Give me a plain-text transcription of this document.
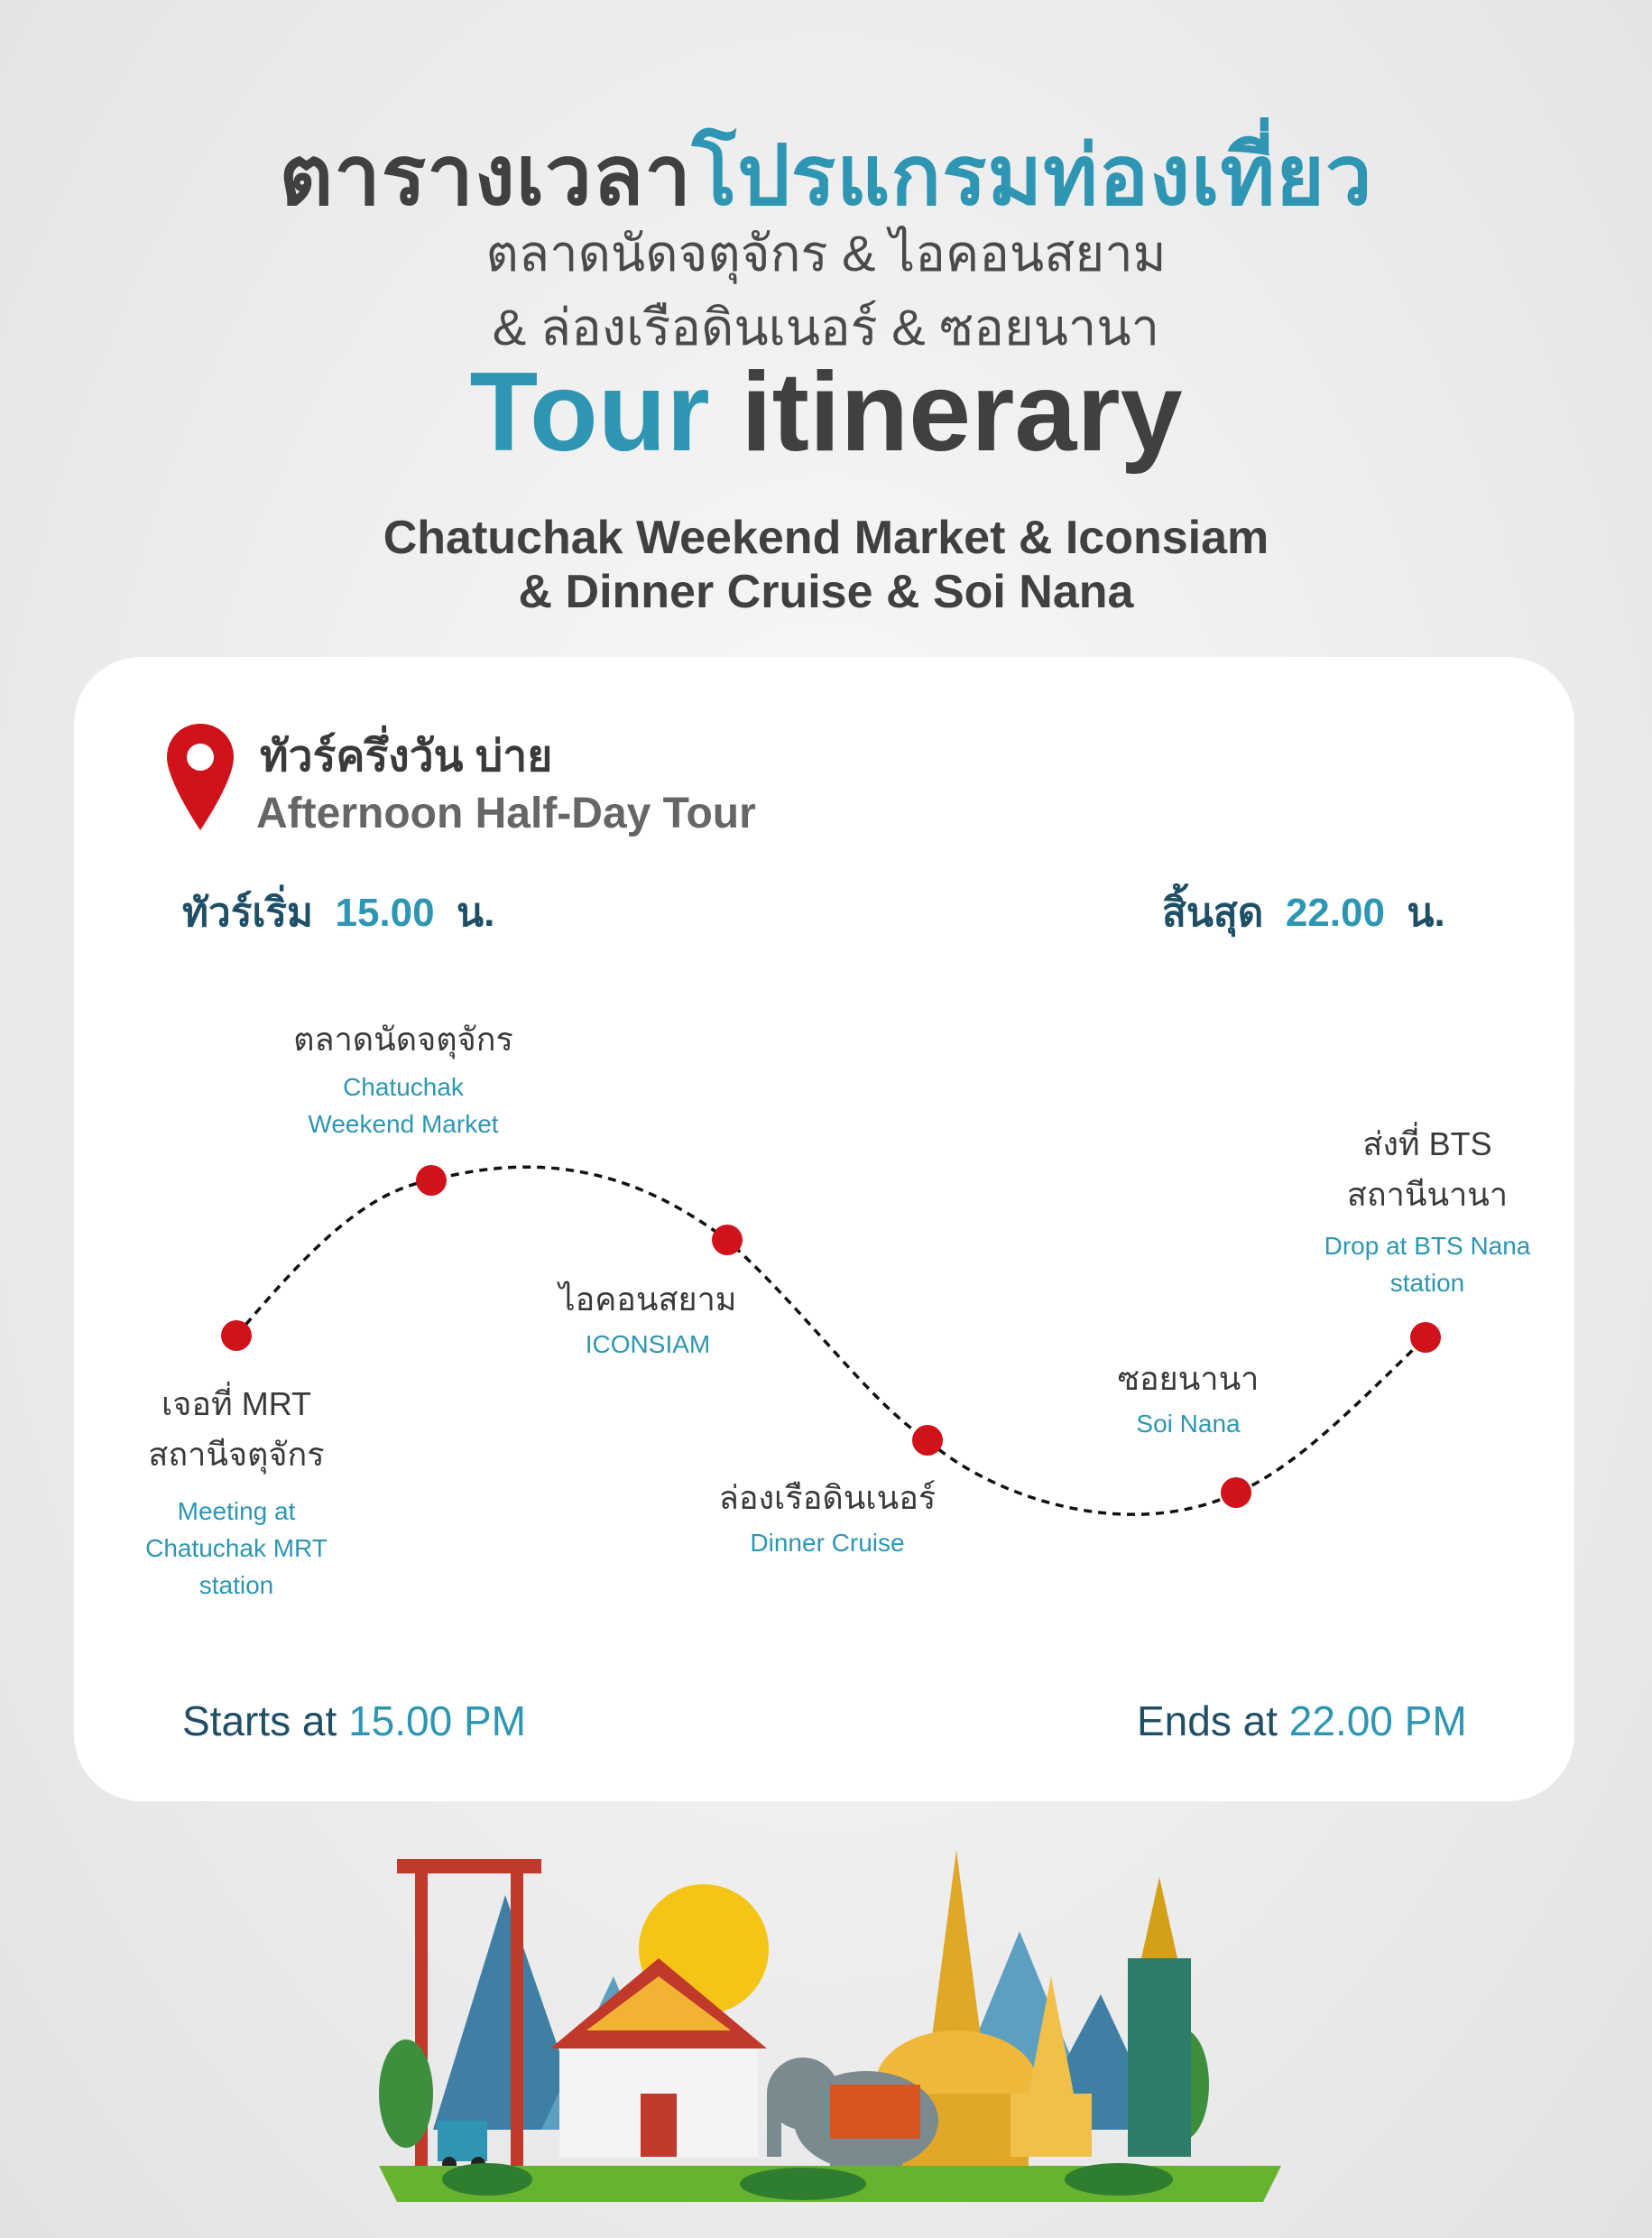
ตารางเวลาโปรแกรมท่องเที่ยว
ตลาดนัดจตุจักร & ไอคอนสยาม
& ล่องเรือดินเนอร์ & ซอยนานา
Tour itinerary
Chatuchak Weekend Market & Iconsiam
& Dinner Cruise & Soi Nana
ทัวร์ครึ่งวัน บ่าย
Afternoon Half-Day Tour
ทัวร์เริ่ม 15.00 น.	สิ้นสุด 22.00 น.
เจอที่ MRT
สถานีจตุจักร
Meeting at
Chatuchak MRT
station
ตลาดนัดจตุจักร
Chatuchak
Weekend Market
ไอคอนสยาม
ICONSIAM
ล่องเรือดินเนอร์
Dinner Cruise
ซอยนานา
Soi Nana
ส่งที่ BTS
สถานีนานา
Drop at BTS Nana
station
Starts at 15.00 PM	Ends at 22.00 PM
